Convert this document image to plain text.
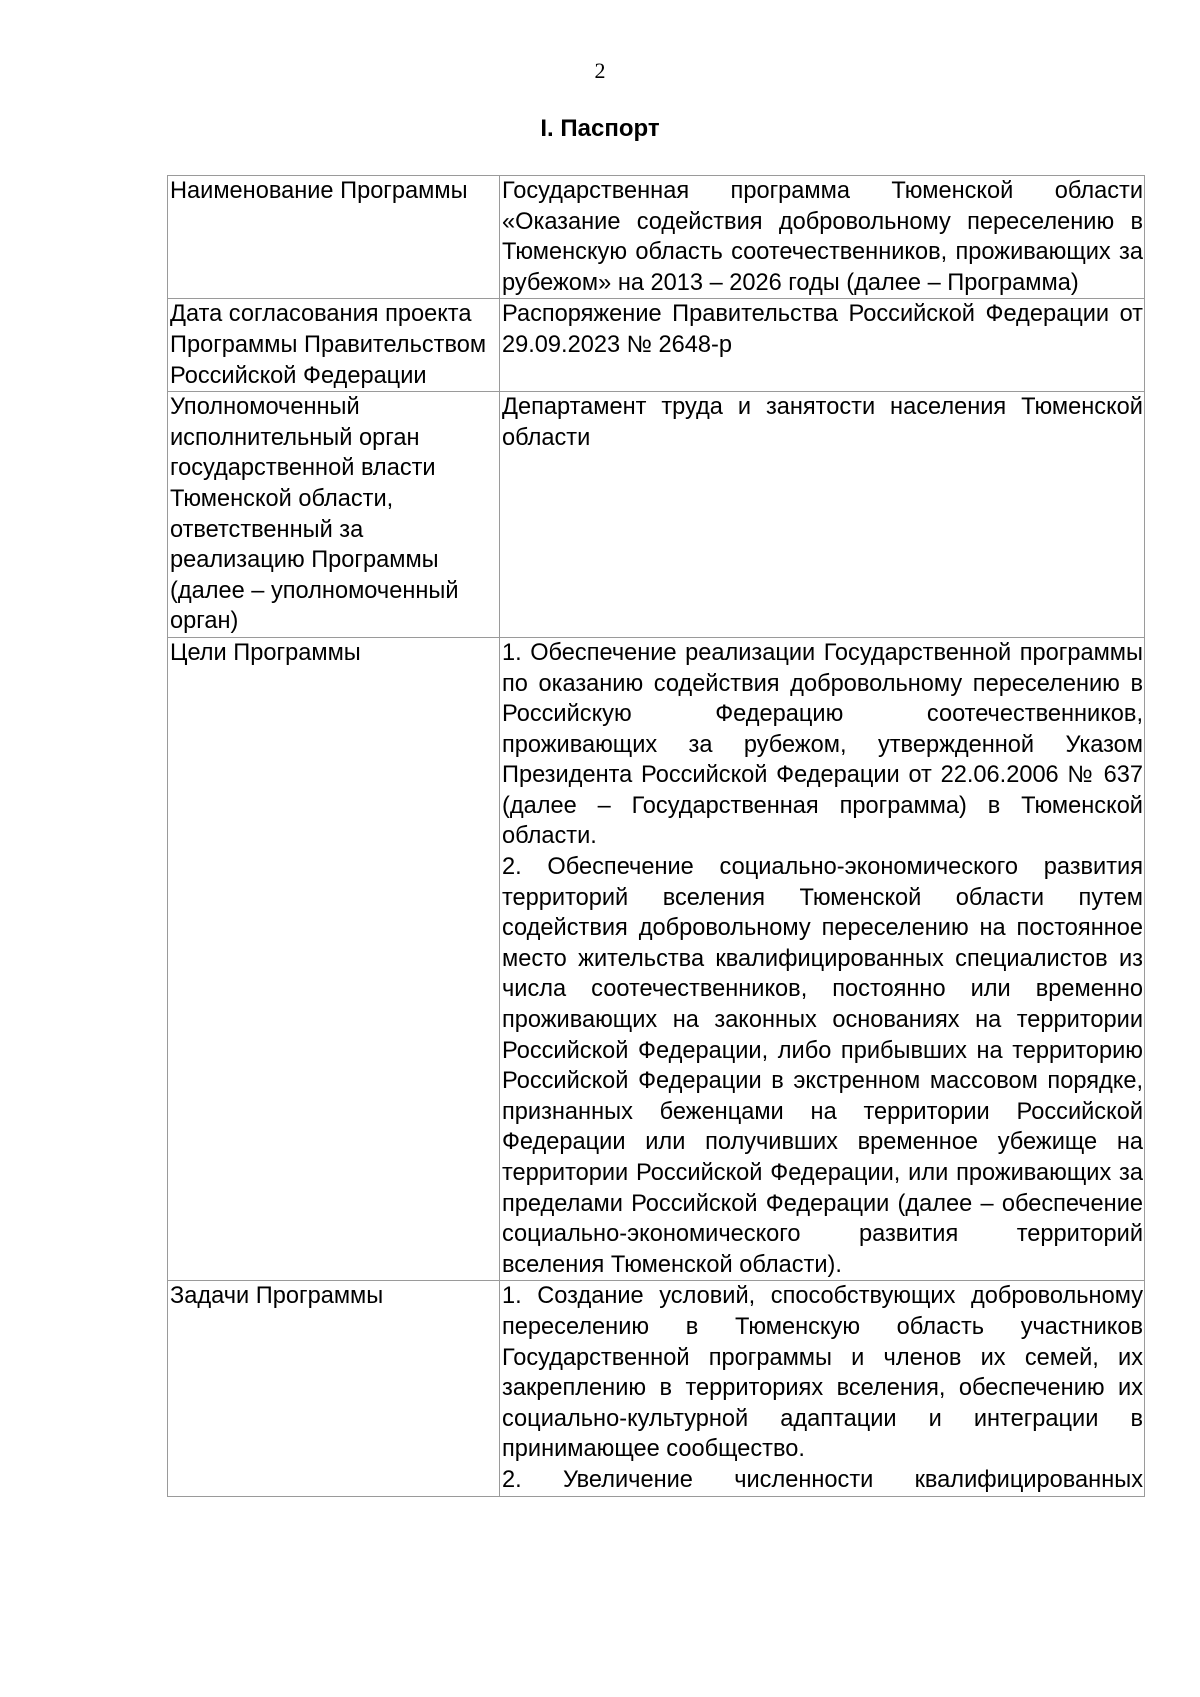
2
I. Паспорт
Наименование Программы	Государственная программа Тюменской области «Оказание содействия добровольному переселению в Тюменскую область соотечественников, проживающих за рубежом» на 2013 – 2026 годы (далее – Программа)

Дата согласования проекта Программы Правительством Российской Федерации	Распоряжение Правительства Российской Федерации от 29.09.2023 № 2648-р

Уполномоченный исполнительный орган государственной власти Тюменской области, ответственный за реализацию Программы (далее – уполномоченный орган)	Департамент труда и занятости населения Тюменской области

Цели Программы	1. Обеспечение реализации Государственной программы по оказанию содействия добровольному переселению в Российскую Федерацию соотечественников, проживающих за рубежом, утвержденной Указом Президента Российской Федерации от 22.06.2006 № 637 (далее – Государственная программа) в Тюменской области.

2. Обеспечение социально-экономического развития территорий вселения Тюменской области путем содействия добровольному переселению на постоянное место жительства квалифицированных специалистов из числа соотечественников, постоянно или временно проживающих на законных основаниях на территории Российской Федерации, либо прибывших на территорию Российской Федерации в экстренном массовом порядке, признанных беженцами на территории Российской Федерации или получивших временное убежище на территории Российской Федерации, или проживающих за пределами Российской Федерации (далее – обеспечение социально-экономического развития территорий вселения Тюменской области).

Задачи Программы	1. Создание условий, способствующих добровольному переселению в Тюменскую область участников Государственной программы и членов их семей, их закреплению в территориях вселения, обеспечению их социально-культурной адаптации и интеграции в принимающее сообщество.

2. Увеличение численности квалифицированных
